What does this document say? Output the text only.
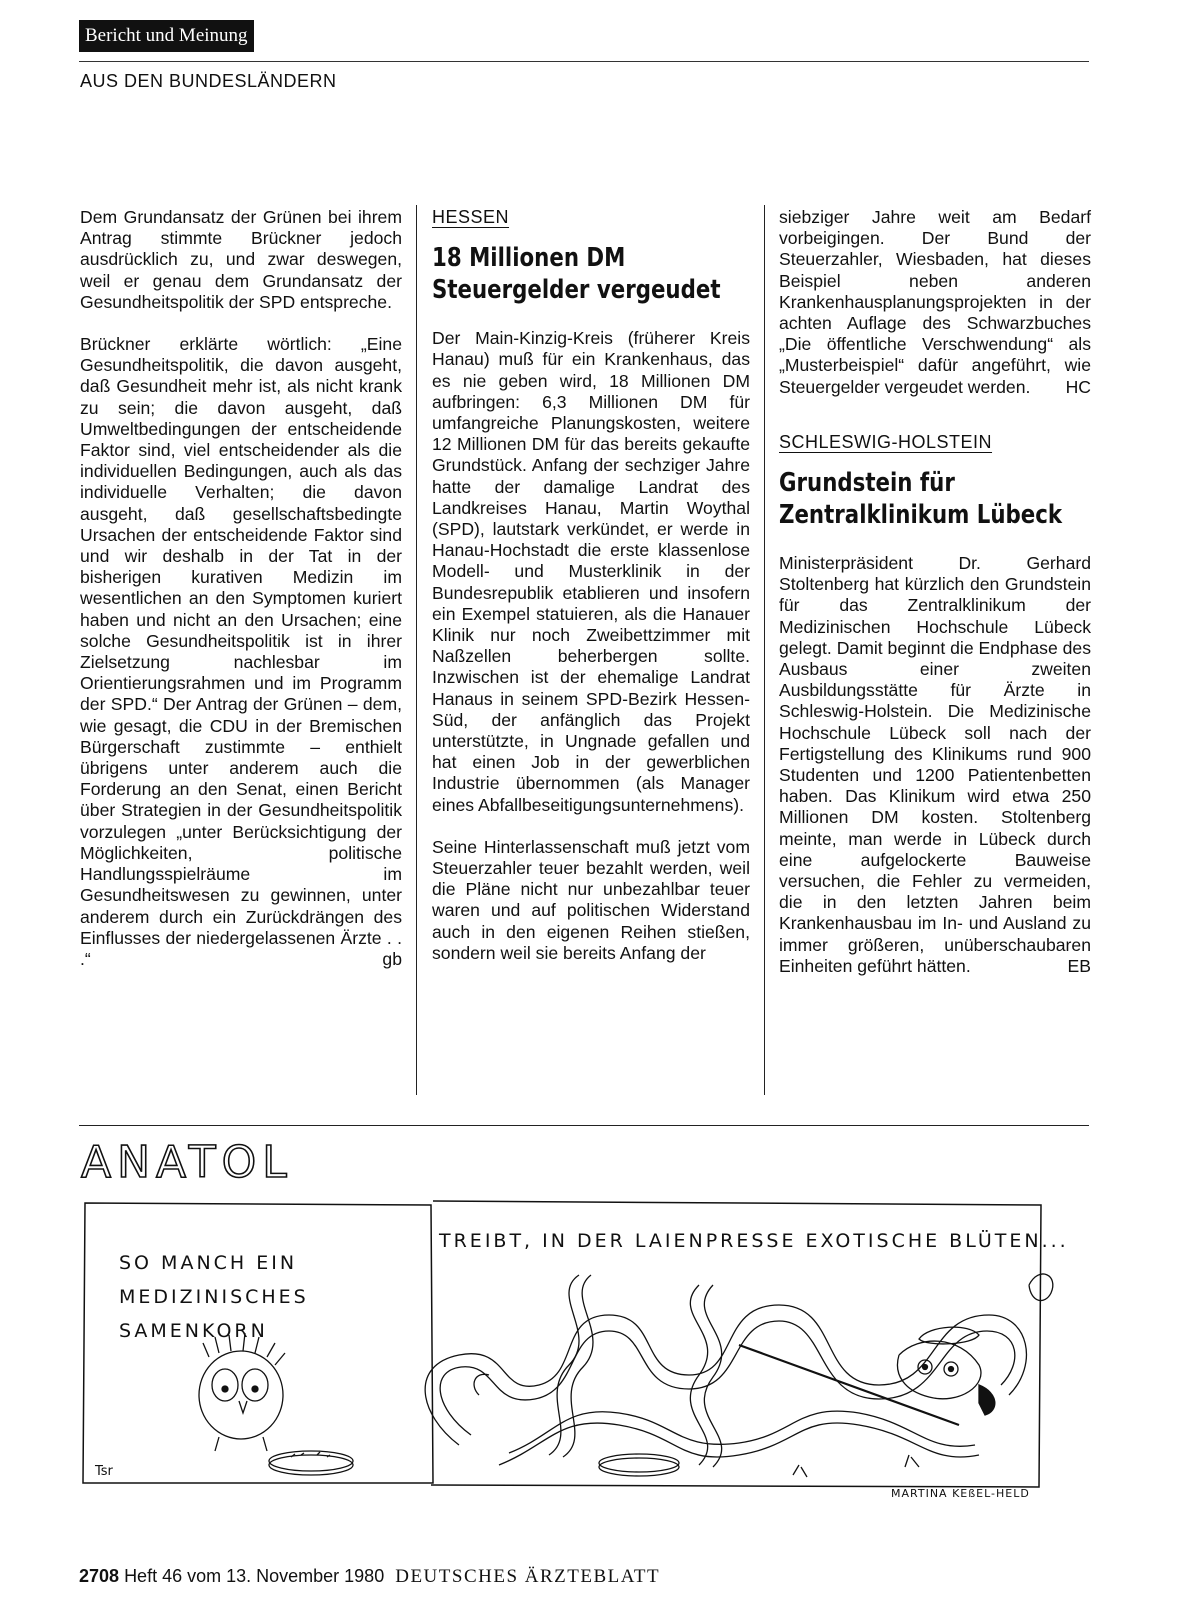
Bericht und Meinung
AUS DEN BUNDESLÄNDERN

Dem Grundansatz der Grünen bei ihrem Antrag stimmte Brückner jedoch ausdrücklich zu, und zwar deswegen, weil er genau dem Grundansatz der Gesundheitspolitik der SPD entspreche.

Brückner erklärte wörtlich: „Eine Gesundheitspolitik, die davon ausgeht, daß Gesundheit mehr ist, als nicht krank zu sein; die davon ausgeht, daß Umweltbedingungen der entscheidende Faktor sind, viel entscheidender als die individuellen Bedingungen, auch als das individuelle Verhalten; die davon ausgeht, daß gesellschaftsbedingte Ursachen der entscheidende Faktor sind und wir deshalb in der Tat in der bisherigen kurativen Medizin im wesentlichen an den Symptomen kuriert haben und nicht an den Ursachen; eine solche Gesundheitspolitik ist in ihrer Zielsetzung nachlesbar im Orientierungsrahmen und im Programm der SPD.“ Der Antrag der Grünen – dem, wie gesagt, die CDU in der Bremischen Bürgerschaft zustimmte – enthielt übrigens unter anderem auch die Forderung an den Senat, einen Bericht über Strategien in der Gesundheitspolitik vorzulegen „unter Berücksichtigung der Möglichkeiten, politische Handlungsspielräume im Gesundheitswesen zu gewinnen, unter anderem durch ein Zurückdrängen des Einflusses der niedergelassenen Ärzte . . .“	gb

HESSEN
18 Millionen DM Steuergelder vergeudet

Der Main-Kinzig-Kreis (früherer Kreis Hanau) muß für ein Krankenhaus, das es nie geben wird, 18 Millionen DM aufbringen: 6,3 Millionen DM für umfangreiche Planungskosten, weitere 12 Millionen DM für das bereits gekaufte Grundstück. Anfang der sechziger Jahre hatte der damalige Landrat des Landkreises Hanau, Martin Woythal (SPD), lautstark verkündet, er werde in Hanau-Hochstadt die erste klassenlose Modell- und Musterklinik in der Bundesrepublik etablieren und insofern ein Exempel statuieren, als die Hanauer Klinik nur noch Zweibettzimmer mit Naßzellen beherbergen sollte. Inzwischen ist der ehemalige Landrat Hanaus in seinem SPD-Bezirk Hessen-Süd, der anfänglich das Projekt unterstützte, in Ungnade gefallen und hat einen Job in der gewerblichen Industrie übernommen (als Manager eines Abfallbeseitigungsunternehmens).

Seine Hinterlassenschaft muß jetzt vom Steuerzahler teuer bezahlt werden, weil die Pläne nicht nur unbezahlbar teuer waren und auf politischen Widerstand auch in den eigenen Reihen stießen, sondern weil sie bereits Anfang der

siebziger Jahre weit am Bedarf vorbeigingen. Der Bund der Steuerzahler, Wiesbaden, hat dieses Beispiel neben anderen Krankenhausplanungsprojekten in der achten Auflage des Schwarzbuches „Die öffentliche Verschwendung“ als „Musterbeispiel“ dafür angeführt, wie Steuergelder vergeudet werden. HC

SCHLESWIG-HOLSTEIN
Grundstein für Zentralklinikum Lübeck

Ministerpräsident Dr. Gerhard Stoltenberg hat kürzlich den Grundstein für das Zentralklinikum der Medizinischen Hochschule Lübeck gelegt. Damit beginnt die Endphase des Ausbaus einer zweiten Ausbildungsstätte für Ärzte in Schleswig-Holstein. Die Medizinische Hochschule Lübeck soll nach der Fertigstellung des Klinikums rund 900 Studenten und 1200 Patientenbetten haben. Das Klinikum wird etwa 250 Millionen DM kosten. Stoltenberg meinte, man werde in Lübeck durch eine aufgelockerte Bauweise versuchen, die Fehler zu vermeiden, die in den letzten Jahren beim Krankenhausbau im In- und Ausland zu immer größeren, unüberschaubaren Einheiten geführt hätten.	EB

ANATOL
SO MANCH EIN
MEDIZINISCHES
SAMENKORN
TREIBT, IN DER LAIENPRESSE EXOTISCHE BLÜTEN...
Tsr
MARTINA KEßEL-HELD
2708 Heft 46 vom 13. November 1980 DEUTSCHES ÄRZTEBLATT
